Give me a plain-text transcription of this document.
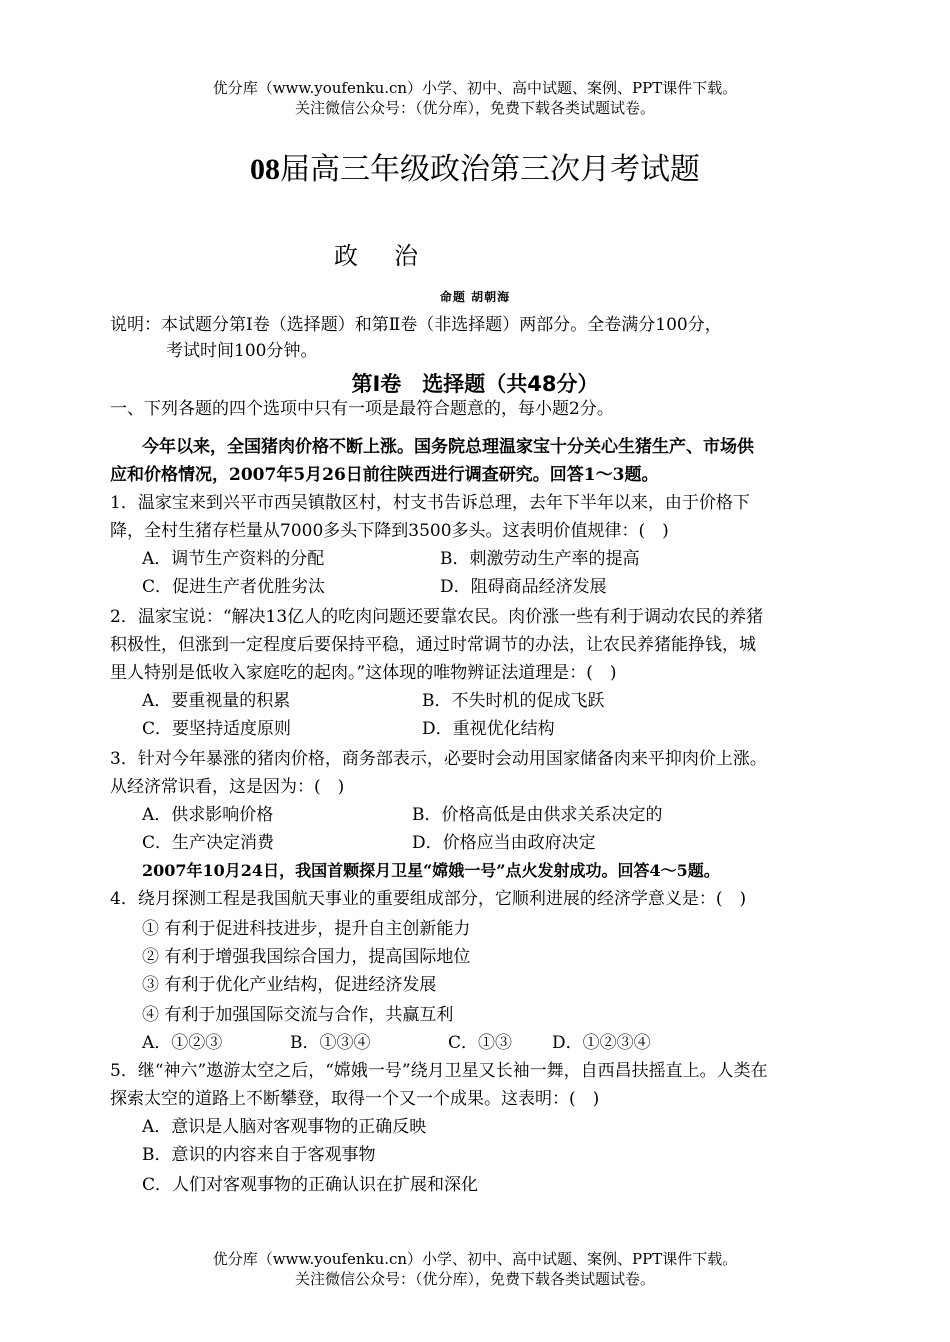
优分库（www.youfenku.cn）小学、初中、高中试题、案例、PPT课件下载。
关注微信公众号：（优分库），免费下载各类试题试卷。
08届高三年级政治第三次月考试题
政治
命题 胡朝海
说明：本试题分第Ⅰ卷（选择题）和第Ⅱ卷（非选择题）两部分。全卷满分100分，
考试时间100分钟。
第Ⅰ卷　选择题（共48分）
一、下列各题的四个选项中只有一项是最符合题意的，每小题2分。
今年以来，全国猪肉价格不断上涨。国务院总理温家宝十分关心生猪生产、市场供
应和价格情况，2007年5月26日前往陕西进行调查研究。回答1～3题。
1．温家宝来到兴平市西吴镇散区村，村支书告诉总理，去年下半年以来，由于价格下
降，全村生猪存栏量从7000多头下降到3500多头。这表明价值规律：(　)
A．调节生产资料的分配	B．刺激劳动生产率的提高
C．促进生产者优胜劣汰	D．阻碍商品经济发展
2．温家宝说：“解决13亿人的吃肉问题还要靠农民。肉价涨一些有利于调动农民的养猪
积极性，但涨到一定程度后要保持平稳，通过时常调节的办法，让农民养猪能挣钱，城
里人特别是低收入家庭吃的起肉。”这体现的唯物辨证法道理是：(　)
A．要重视量的积累	B．不失时机的促成飞跃
C．要坚持适度原则	D．重视优化结构
3．针对今年暴涨的猪肉价格，商务部表示，必要时会动用国家储备肉来平抑肉价上涨。
从经济常识看，这是因为：(　)
A．供求影响价格	B．价格高低是由供求关系决定的
C．生产决定消费	D．价格应当由政府决定
2007年10月24日，我国首颗探月卫星“嫦娥一号”点火发射成功。回答4～5题。
4．绕月探测工程是我国航天事业的重要组成部分，它顺利进展的经济学意义是：(　)
① 有利于促进科技进步，提升自主创新能力
② 有利于增强我国综合国力，提高国际地位
③ 有利于优化产业结构，促进经济发展
④ 有利于加强国际交流与合作，共赢互利
A．①②③	B．①③④	C．①③ D．①②③④
5．继“神六”遨游太空之后，“嫦娥一号”绕月卫星又长袖一舞，自西昌扶摇直上。人类在
探索太空的道路上不断攀登，取得一个又一个成果。这表明：(　)
A．意识是人脑对客观事物的正确反映
B．意识的内容来自于客观事物
C．人们对客观事物的正确认识在扩展和深化
优分库（www.youfenku.cn）小学、初中、高中试题、案例、PPT课件下载。
关注微信公众号：（优分库），免费下载各类试题试卷。
